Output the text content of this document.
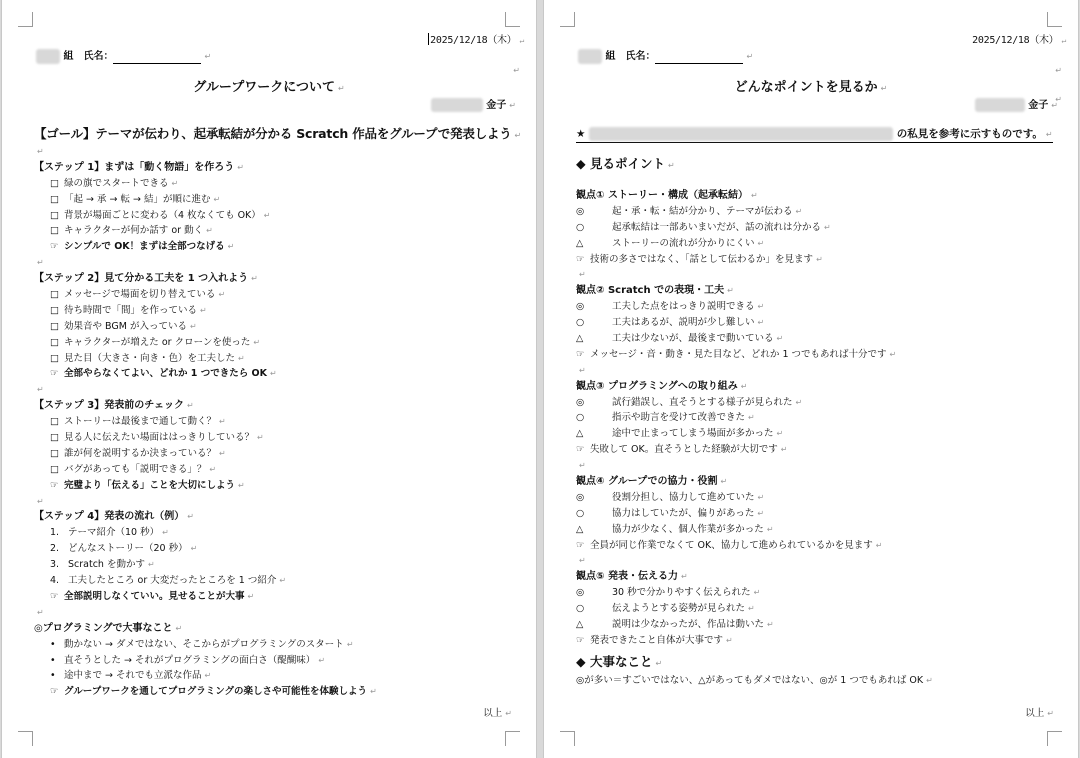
2025/12/18（木） ↵
↵
組　氏名：	↵
グループワークについて ↵
金子 ↵
【ゴール】テーマが伝わり、起承転結が分かる Scratch 作品をグループで発表しよう ↵
↵
【ステップ 1】まずは「動く物語」を作ろう ↵
□ 緑の旗でスタートできる ↵
□ 「起 → 承 → 転 → 結」が順に進む ↵
□ 背景が場面ごとに変わる（4 枚なくても OK） ↵
□ キャラクターが何か話す or 動く ↵
☞ シンプルで OK！まずは全部つなげる ↵
↵
【ステップ 2】見て分かる工夫を 1 つ入れよう ↵
□ メッセージで場面を切り替えている ↵
□ 待ち時間で「間」を作っている ↵
□ 効果音や BGM が入っている ↵
□ キャラクターが増えた or クローンを使った ↵
□ 見た目（大きさ・向き・色）を工夫した ↵
☞ 全部やらなくてよい、どれか 1 つできたら OK ↵
↵
【ステップ 3】発表前のチェック ↵
□ ストーリーは最後まで通して動く？ ↵
□ 見る人に伝えたい場面ははっきりしている？ ↵
□ 誰が何を説明するか決まっている？ ↵
□ バグがあっても「説明できる」？ ↵
☞ 完璧より「伝える」ことを大切にしよう ↵
↵
【ステップ 4】発表の流れ（例） ↵
1. テーマ紹介（10 秒） ↵
2. どんなストーリー（20 秒） ↵
3. Scratch を動かす ↵
4. 工夫したところ or 大変だったところを 1 つ紹介 ↵
☞ 全部説明しなくていい。見せることが大事 ↵
↵
◎プログラミングで大事なこと ↵
• 動かない → ダメではない、そこからがプログラミングのスタート ↵
• 直そうとした → それがプログラミングの面白さ（醍醐味） ↵
• 途中まで → それでも立派な作品 ↵
☞ グループワークを通してプログラミングの楽しさや可能性を体験しよう ↵
以上 ↵
2025/12/18（木） ↵
↵
組　氏名：	↵
↵
どんなポイントを見るか ↵
金子 ↵
★	の私見を参考に示すものです。 ↵
◆ 見るポイント ↵
観点① ストーリー・構成（起承転結） ↵
◎	起・承・転・結が分かり、テーマが伝わる ↵
○	起承転結は一部あいまいだが、話の流れは分かる ↵
△	ストーリーの流れが分かりにくい ↵
☞ 技術の多さではなく、「話として伝わるか」を見ます ↵
↵
観点② Scratch での表現・工夫 ↵
◎	工夫した点をはっきり説明できる ↵
○	工夫はあるが、説明が少し難しい ↵
△	工夫は少ないが、最後まで動いている ↵
☞ メッセージ・音・動き・見た目など、どれか 1 つでもあれば十分です ↵
↵
観点③ プログラミングへの取り組み ↵
◎	試行錯誤し、直そうとする様子が見られた ↵
○	指示や助言を受けて改善できた ↵
△	途中で止まってしまう場面が多かった ↵
☞ 失敗して OK。直そうとした経験が大切です ↵
↵
観点④ グループでの協力・役割 ↵
◎	役割分担し、協力して進めていた ↵
○	協力はしていたが、偏りがあった ↵
△	協力が少なく、個人作業が多かった ↵
☞ 全員が同じ作業でなくて OK、協力して進められているかを見ます ↵
↵
観点⑤ 発表・伝える力 ↵
◎	30 秒で分かりやすく伝えられた ↵
○	伝えようとする姿勢が見られた ↵
△	説明は少なかったが、作品は動いた ↵
☞ 発表できたこと自体が大事です ↵
◆ 大事なこと ↵
◎が多い＝すごいではない、△があってもダメではない、◎が 1 つでもあれば OK ↵
以上 ↵
